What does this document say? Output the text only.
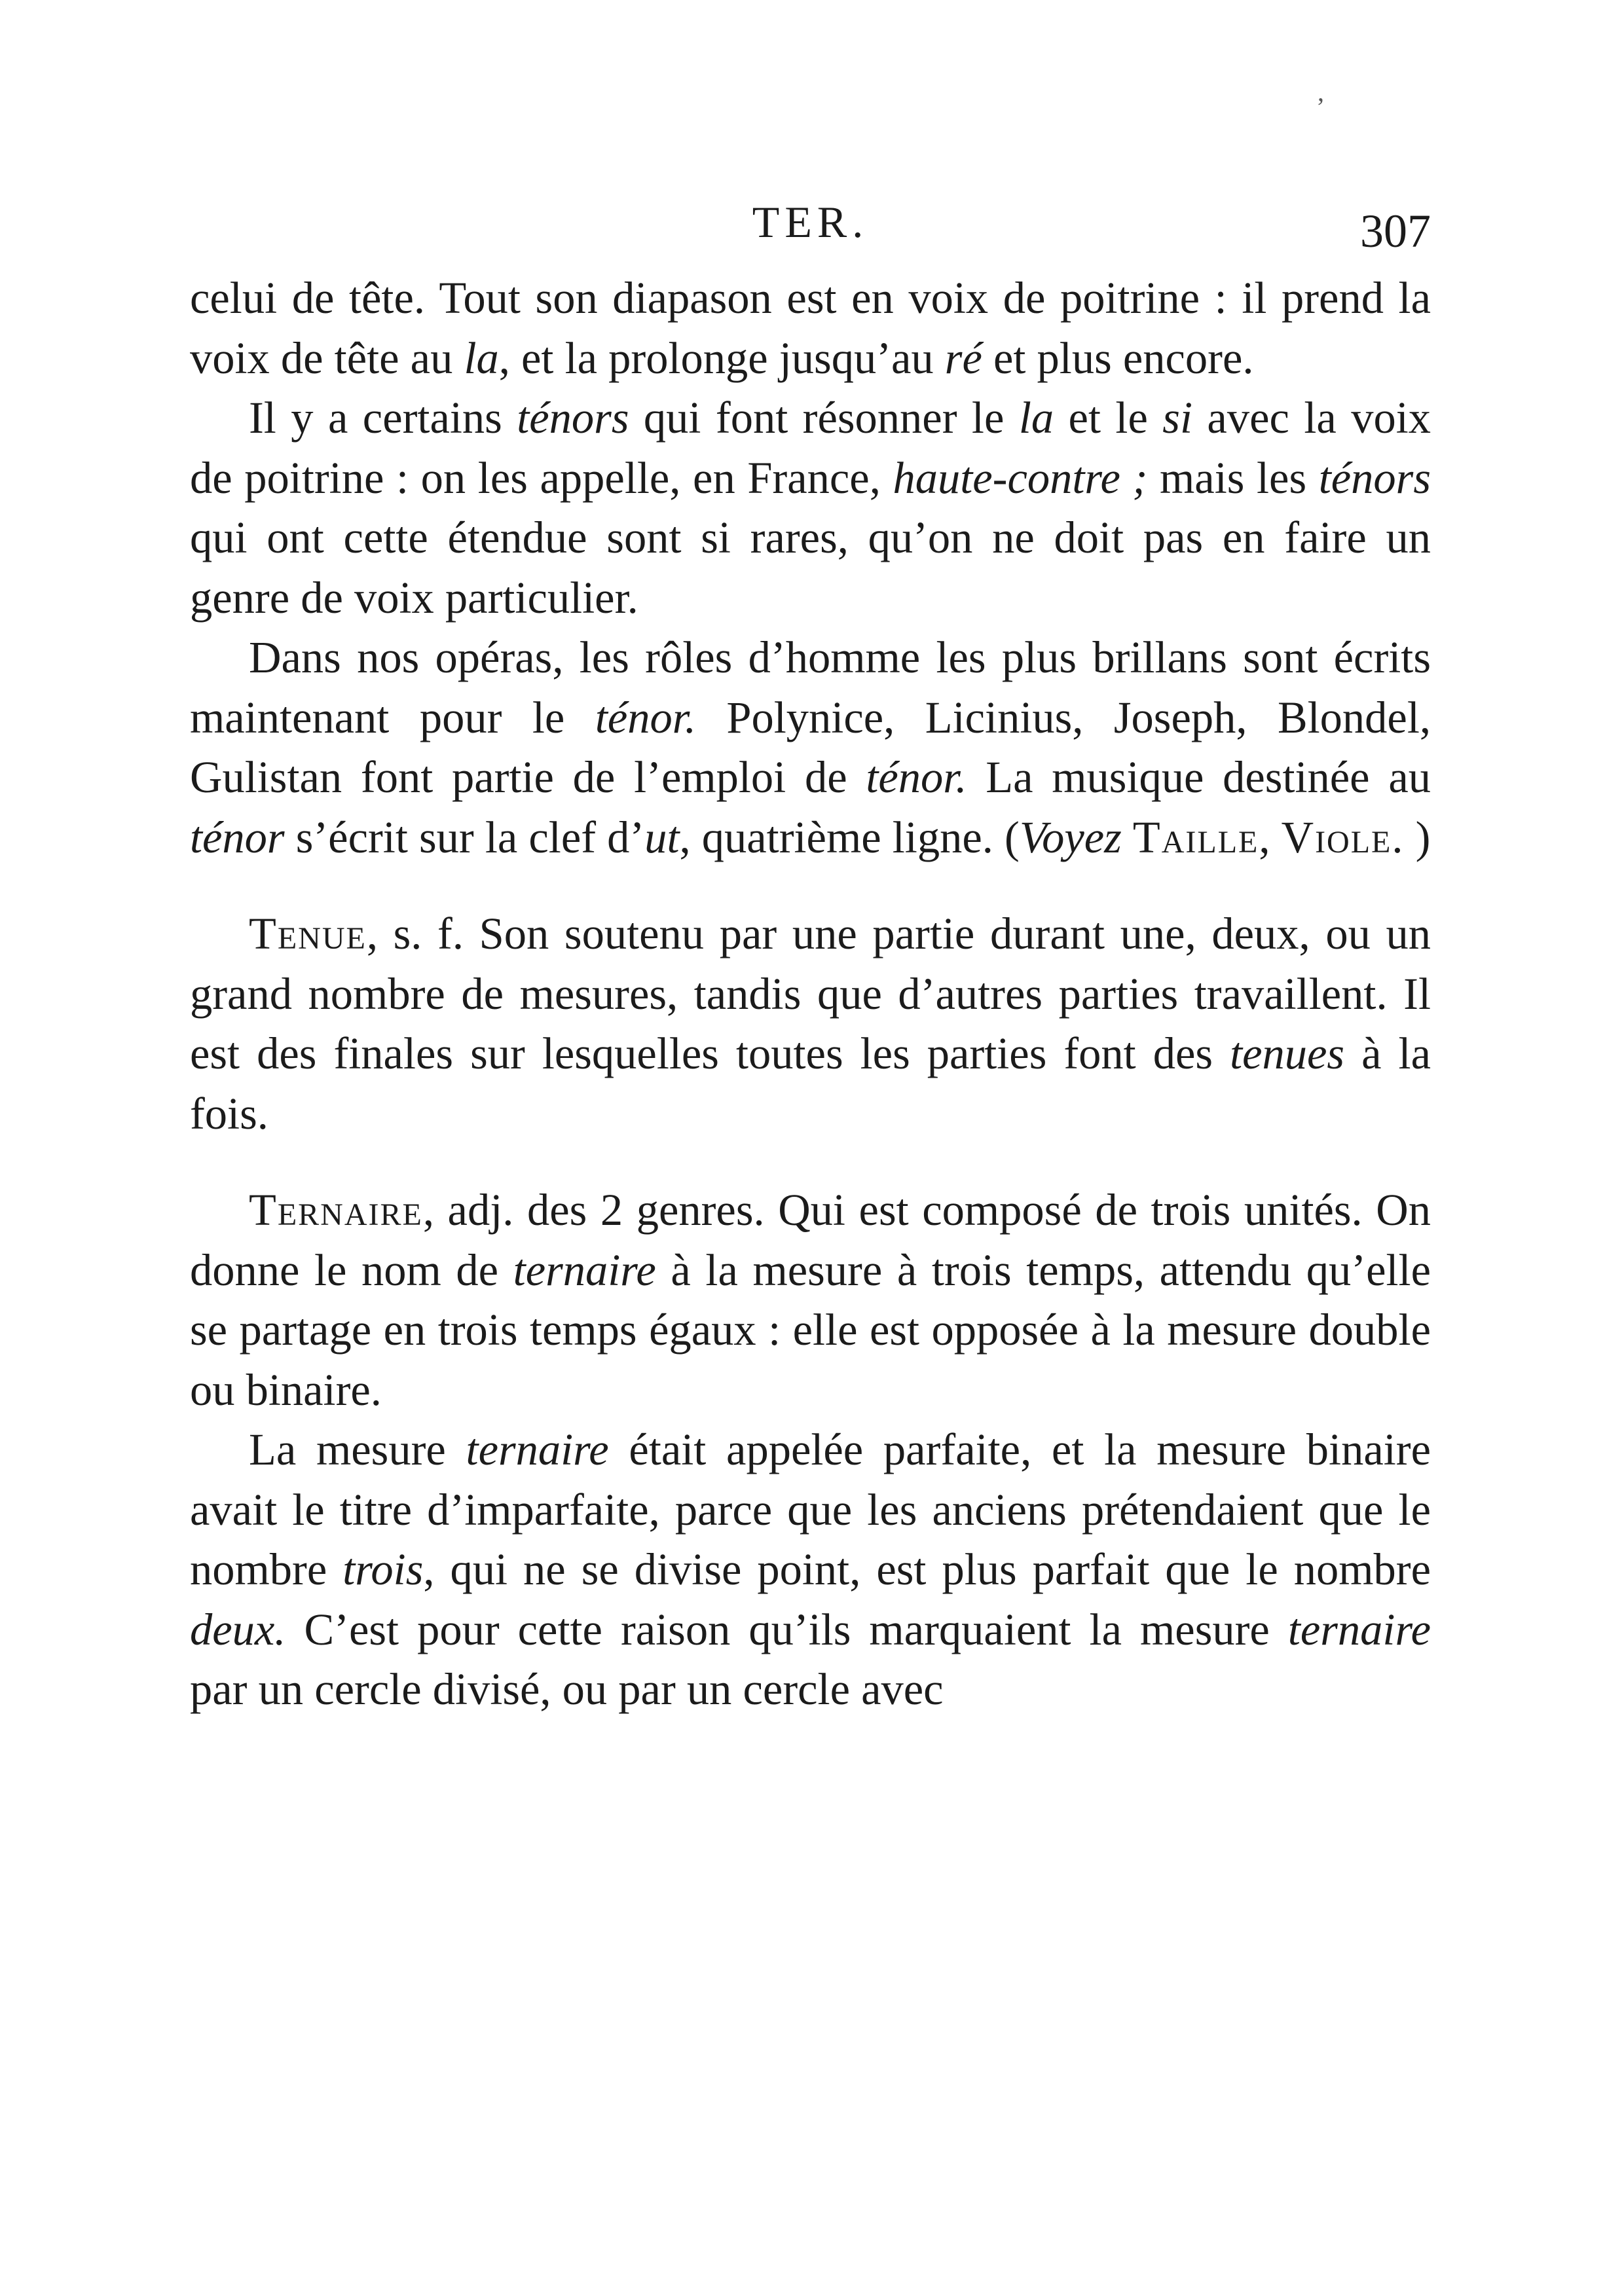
TER.	307

celui de tête. Tout son diapason est en voix de poitrine : il prend la voix de tête au la, et la prolonge jusqu’au ré et plus encore.

Il y a certains ténors qui font résonner le la et le si avec la voix de poitrine : on les appelle, en France, haute-contre ; mais les ténors qui ont cette étendue sont si rares, qu’on ne doit pas en faire un genre de voix particulier.

Dans nos opéras, les rôles d’homme les plus brillans sont écrits maintenant pour le ténor. Polynice, Licinius, Joseph, Blondel, Gulistan font partie de l’emploi de ténor. La musique destinée au ténor s’écrit sur la clef d’ut, quatrième ligne. (Voyez Taille, Viole. )

Tenue, s. f. Son soutenu par une partie durant une, deux, ou un grand nombre de mesures, tandis que d’autres parties travaillent. Il est des finales sur lesquelles toutes les parties font des tenues à la fois.

Ternaire, adj. des 2 genres. Qui est composé de trois unités. On donne le nom de ternaire à la mesure à trois temps, attendu qu’elle se partage en trois temps égaux : elle est opposée à la mesure double ou binaire.

La mesure ternaire était appelée parfaite, et la mesure binaire avait le titre d’imparfaite, parce que les anciens prétendaient que le nombre trois, qui ne se divise point, est plus parfait que le nombre deux. C’est pour cette raison qu’ils marquaient la mesure ternaire par un cercle divisé, ou par un cercle avec

ʼ
